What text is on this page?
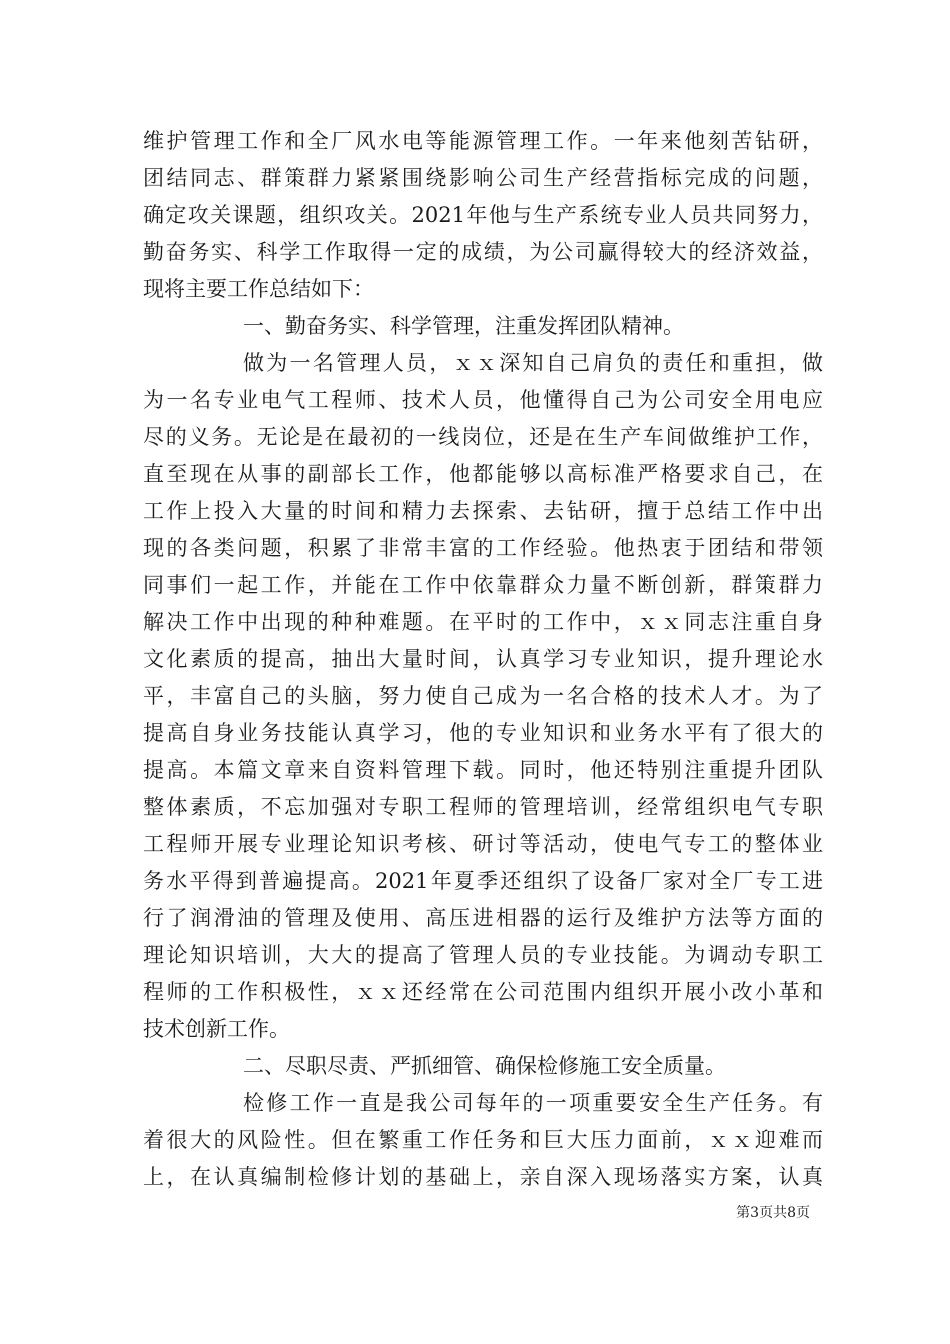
维护管理工作和全厂风水电等能源管理工作。一年来他刻苦钻研，
团结同志、群策群力紧紧围绕影响公司生产经营指标完成的问题，
确定攻关课题，组织攻关。2021年他与生产系统专业人员共同努力，
勤奋务实、科学工作取得一定的成绩，为公司赢得较大的经济效益，
现将主要工作总结如下：
一、勤奋务实、科学管理，注重发挥团队精神。
做为一名管理人员，ｘｘ深知自己肩负的责任和重担，做
为一名专业电气工程师、技术人员，他懂得自己为公司安全用电应
尽的义务。无论是在最初的一线岗位，还是在生产车间做维护工作，
直至现在从事的副部长工作，他都能够以高标准严格要求自己，在
工作上投入大量的时间和精力去探索、去钻研，擅于总结工作中出
现的各类问题，积累了非常丰富的工作经验。他热衷于团结和带领
同事们一起工作，并能在工作中依靠群众力量不断创新，群策群力
解决工作中出现的种种难题。在平时的工作中，ｘｘ同志注重自身
文化素质的提高，抽出大量时间，认真学习专业知识，提升理论水
平，丰富自己的头脑，努力使自己成为一名合格的技术人才。为了
提高自身业务技能认真学习，他的专业知识和业务水平有了很大的
提高。本篇文章来自资料管理下载。同时，他还特别注重提升团队
整体素质，不忘加强对专职工程师的管理培训，经常组织电气专职
工程师开展专业理论知识考核、研讨等活动，使电气专工的整体业
务水平得到普遍提高。2021年夏季还组织了设备厂家对全厂专工进
行了润滑油的管理及使用、高压进相器的运行及维护方法等方面的
理论知识培训，大大的提高了管理人员的专业技能。为调动专职工
程师的工作积极性，ｘｘ还经常在公司范围内组织开展小改小革和
技术创新工作。
二、尽职尽责、严抓细管、确保检修施工安全质量。
检修工作一直是我公司每年的一项重要安全生产任务。有
着很大的风险性。但在繁重工作任务和巨大压力面前，ｘｘ迎难而
上，在认真编制检修计划的基础上，亲自深入现场落实方案，认真
第3页共8页
